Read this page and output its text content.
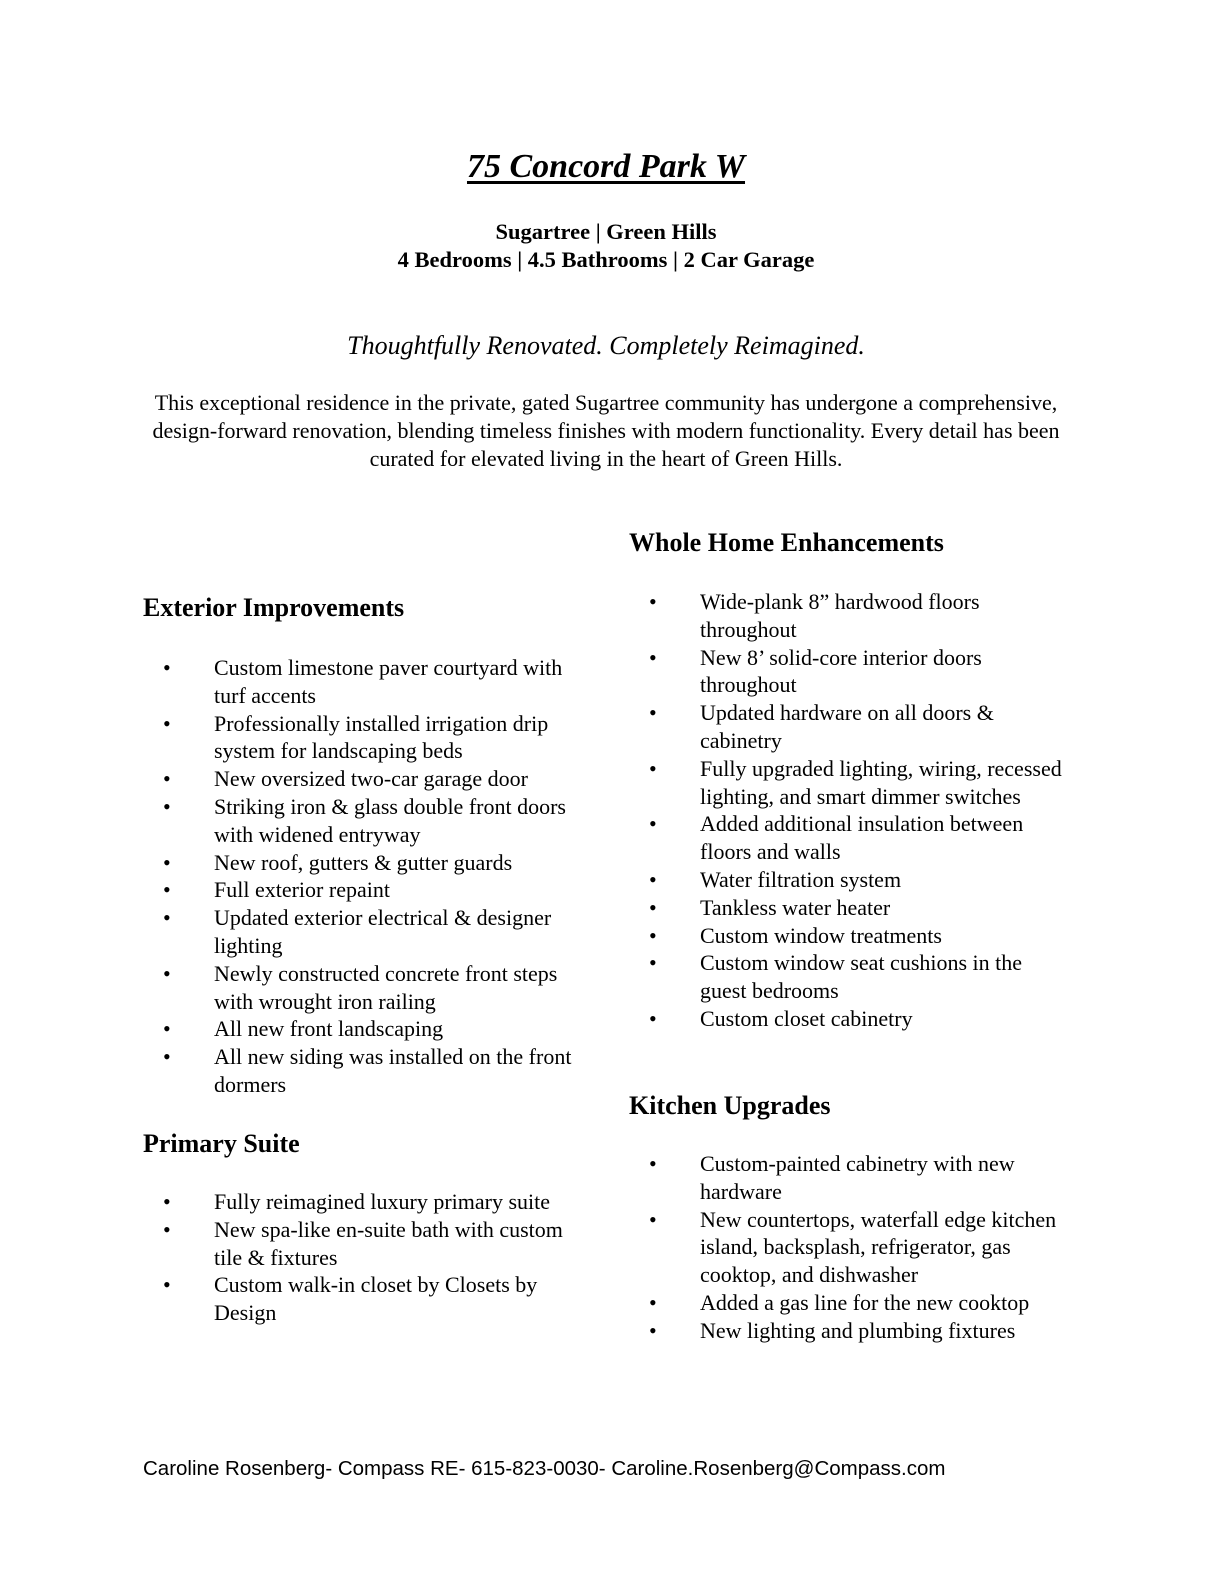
75 Concord Park W
Sugartree | Green Hills
4 Bedrooms | 4.5 Bathrooms | 2 Car Garage
Thoughtfully Renovated. Completely Reimagined.
This exceptional residence in the private, gated Sugartree community has undergone a comprehensive, design-forward renovation, blending timeless finishes with modern functionality. Every detail has been curated for elevated living in the heart of Green Hills.
Exterior Improvements
• Custom limestone paver courtyard with turf accents
• Professionally installed irrigation drip system for landscaping beds
• New oversized two-car garage door
• Striking iron & glass double front doors with widened entryway
• New roof, gutters & gutter guards
• Full exterior repaint
• Updated exterior electrical & designer lighting
• Newly constructed concrete front steps with wrought iron railing
• All new front landscaping
• All new siding was installed on the front dormers
Primary Suite
• Fully reimagined luxury primary suite
• New spa-like en-suite bath with custom tile & fixtures
• Custom walk-in closet by Closets by Design
Whole Home Enhancements
• Wide-plank 8” hardwood floors throughout
• New 8’ solid-core interior doors throughout
• Updated hardware on all doors & cabinetry
• Fully upgraded lighting, wiring, recessed lighting, and smart dimmer switches
• Added additional insulation between floors and walls
• Water filtration system
• Tankless water heater
• Custom window treatments
• Custom window seat cushions in the guest bedrooms
• Custom closet cabinetry
Kitchen Upgrades
• Custom-painted cabinetry with new hardware
• New countertops, waterfall edge kitchen island, backsplash, refrigerator, gas cooktop, and dishwasher
• Added a gas line for the new cooktop
• New lighting and plumbing fixtures
Caroline Rosenberg- Compass RE- 615-823-0030- Caroline.Rosenberg@Compass.com
